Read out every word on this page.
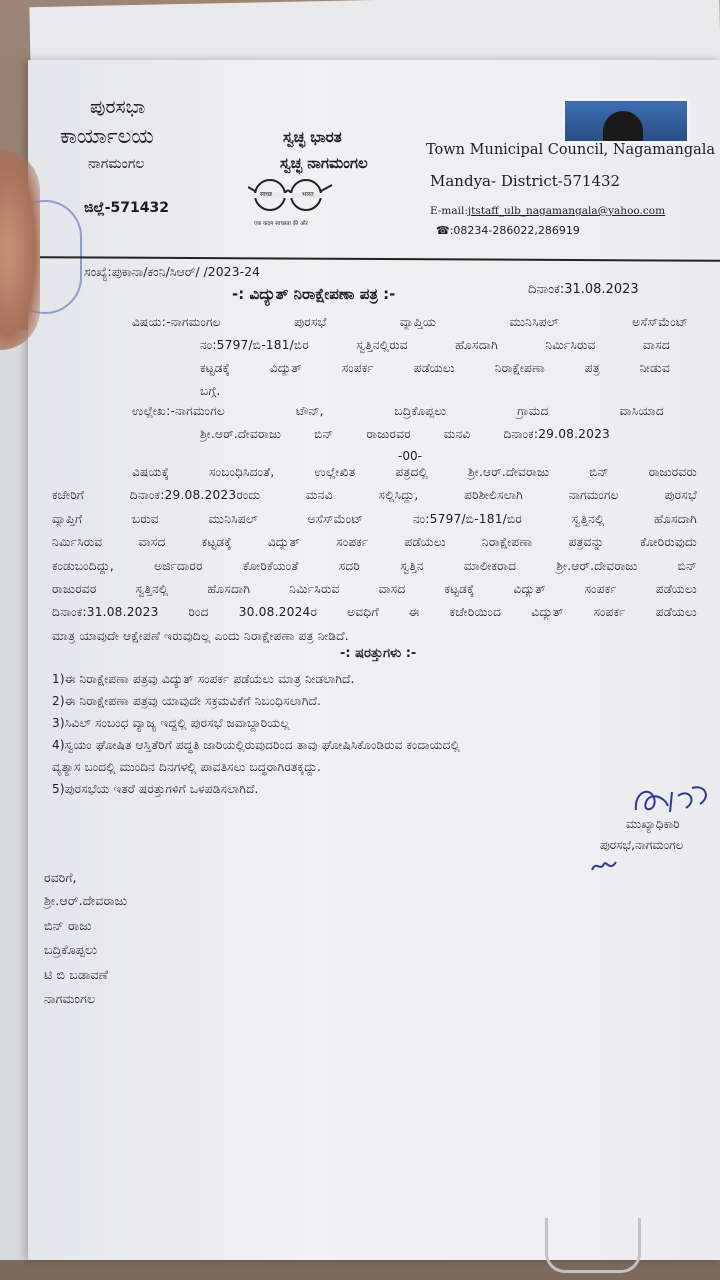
ಪುರಸಭಾ
ಕಾರ್ಯಾಲಯ
ನಾಗಮಂಗಲ
ಜಿಲ್ಲೆ-571432
ಸ್ವಚ್ಛ ಭಾರತ
ಸ್ವಚ್ಛ ನಾಗಮಂಗಲ
स्वच्छ	भारत
एक कदम स्वच्छता की ओर
Town Municipal Council, Nagamangala
Mandya- District-571432
E-mail:jtstaff_ulb_nagamangala@yahoo.com
☎:08234-286022,286919
ಸಂಖ್ಯೆ:ಪುಕಾನಾ/ಕಂನಿ/ಸಿಆರ್/ /2023-24
ದಿನಾಂಕ:31.08.2023
-: ವಿದ್ಯುತ್ ನಿರಾಕ್ಷೇಪಣಾ ಪತ್ರ :-
ವಿಷಯ:-ನಾಗಮಂಗಲ ಪುರಸಭೆ ವ್ಯಾಪ್ತಿಯ ಮುನಿಸಿಪಲ್ ಅಸೆಸ್‌ಮೆಂಟ್
ನಂ:5797/ಬಿ-181/ಬಿರ ಸ್ವತ್ತಿನಲ್ಲಿರುವ ಹೊಸದಾಗಿ ನಿರ್ಮಿಸಿರುವ ವಾಸದ
ಕಟ್ಟಡಕ್ಕೆ ವಿದ್ಯುತ್ ಸಂಪರ್ಕ ಪಡೆಯಲು ನಿರಾಕ್ಷೇಪಣಾ ಪತ್ರ ನೀಡುವ
ಬಗ್ಗೆ.
ಉಲ್ಲೇಖ:-ನಾಗಮಂಗಲ ಟೌನ್, ಬದ್ರಿಕೊಪ್ಪಲು ಗ್ರಾಮದ ವಾಸಿಯಾದ
ಶ್ರೀ.ಆರ್.ದೇವರಾಜು ಬಿನ್ ರಾಜುರವರ ಮನವಿ ದಿನಾಂಕ:29.08.2023
-00-
ವಿಷಯಕ್ಕೆ ಸಂಬಂಧಿಸಿದಂತೆ, ಉಲ್ಲೇಖಿತ ಪತ್ರದಲ್ಲಿ ಶ್ರೀ.ಆರ್.ದೇವರಾಜು ಬಿನ್ ರಾಜುರವರು
ಕಚೇರಿಗೆ ದಿನಾಂಕ:29.08.2023ರಂದು ಮನವಿ ಸಲ್ಲಿಸಿದ್ದು, ಪರಿಶೀಲಿಸಲಾಗಿ ನಾಗಮಂಗಲ ಪುರಸಭೆ
ವ್ಯಾಪ್ತಿಗೆ ಬರುವ ಮುನಿಸಿಪಲ್ ಅಸೆಸ್‌ಮೆಂಟ್ ನಂ:5797/ಬಿ-181/ಬಿರ ಸ್ವತ್ತಿನಲ್ಲಿ ಹೊಸದಾಗಿ
ನಿರ್ಮಿಸಿರುವ ವಾಸದ ಕಟ್ಟಡಕ್ಕೆ ವಿದ್ಯುತ್ ಸಂಪರ್ಕ ಪಡೆಯಲು ನಿರಾಕ್ಷೇಪಣಾ ಪತ್ರವನ್ನು ಕೋರಿರುವುದು
ಕಂಡುಬಂದಿದ್ದು, ಅರ್ಜಿದಾರರ ಕೋರಿಕೆಯಂತೆ ಸದರಿ ಸ್ವತ್ತಿನ ಮಾಲೀಕರಾದ ಶ್ರೀ.ಆರ್.ದೇವರಾಜು ಬಿನ್
ರಾಜುರವರ ಸ್ವತ್ತಿನಲ್ಲಿ ಹೊಸದಾಗಿ ನಿರ್ಮಿಸಿರುವ ವಾಸದ ಕಟ್ಟಡಕ್ಕೆ ವಿದ್ಯುತ್ ಸಂಪರ್ಕ ಪಡೆಯಲು
ದಿನಾಂಕ:31.08.2023 ರಿಂದ 30.08.2024ರ ಅವಧಿಗೆ ಈ ಕಚೇರಿಯಿಂದ ವಿದ್ಯುತ್ ಸಂಪರ್ಕ ಪಡೆಯಲು
ಮಾತ್ರ ಯಾವುದೇ ಆಕ್ಷೇಪಣೆ ಇರುವುದಿಲ್ಲ ಎಂದು ನಿರಾಕ್ಷೇಪಣಾ ಪತ್ರ ನೀಡಿದೆ.
-: ಷರತ್ತುಗಳು :-
1)ಈ ನಿರಾಕ್ಷೇಪಣಾ ಪತ್ರವು ವಿದ್ಯುತ್ ಸಂಪರ್ಕ ಪಡೆಯಲು ಮಾತ್ರ ನೀಡಲಾಗಿದೆ.
2)ಈ ನಿರಾಕ್ಷೇಪಣಾ ಪತ್ರವು ಯಾವುದೇ ಸಕ್ರಮವಿಕೆಗೆ ನಿಬಂಧಿಸಲಾಗಿದೆ.
3)ಸಿವಿಲ್ ಸಂಬಂಧ ವ್ಯಾಜ್ಯ ಇದ್ದಲ್ಲಿ ಪುರಸಭೆ ಜವಾಬ್ದಾರಿಯಲ್ಲ
4)ಸ್ವಯಂ ಘೋಷಿತ ಆಸ್ತಿತೆರಿಗೆ ಪದ್ಧತಿ ಜಾರಿಯಲ್ಲಿರುವುದರಿಂದ ತಾವು ಘೋಷಿಸಿಕೊಂಡಿರುವ ಕಂದಾಯದಲ್ಲಿ
ವ್ಯತ್ಯಾಸ ಬಂದಲ್ಲಿ ಮುಂದಿನ ದಿನಗಳಲ್ಲಿ ಪಾವತಿಸಲು ಬದ್ಧರಾಗಿರತಕ್ಕದ್ದು.
5)ಪುರಸಭೆಯ ಇತರೆ ಷರತ್ತುಗಳಿಗೆ ಒಳಪಡಿಸಲಾಗಿದೆ.
ಮುಖ್ಯಾಧಿಕಾರಿ
ಪುರಸಭೆ,ನಾಗಮಂಗಲ
ರವರಿಗೆ,
ಶ್ರೀ.ಆರ್.ದೇವರಾಜು
ಬಿನ್ ರಾಜು
ಬದ್ರಿಕೊಪ್ಪಲು
ಟಿ ಬಿ ಬಡಾವಣೆ
ನಾಗಮಂಗಲ
